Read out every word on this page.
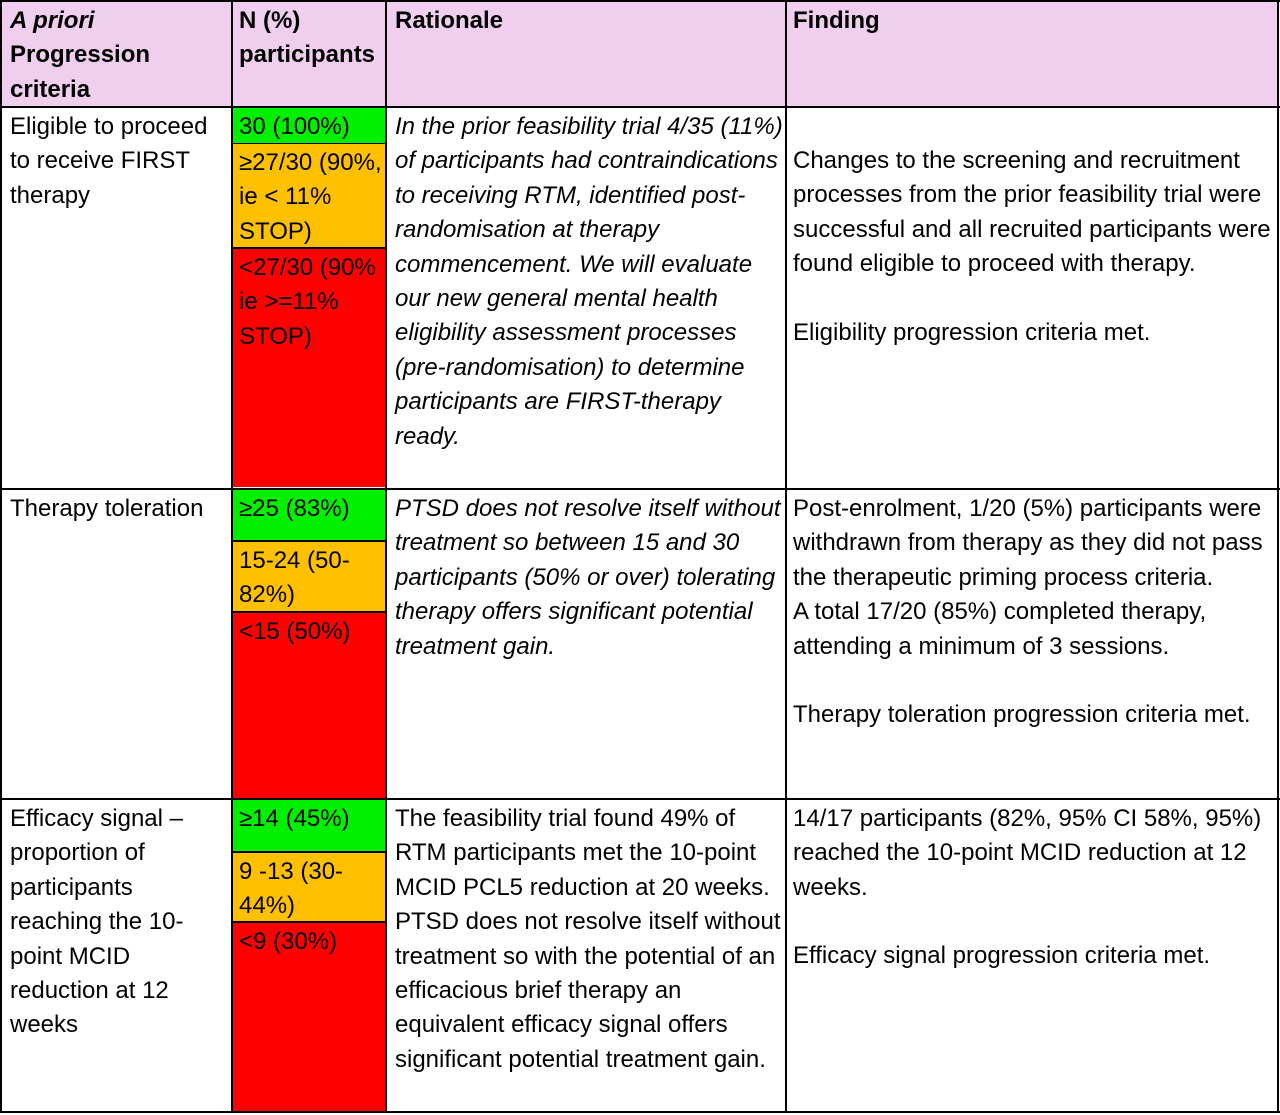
A priori
Progression criteria
N (%) participants
Rationale	Finding
Eligible to proceed to receive FIRST therapy
30 (100%)
≥27/30 (90%, ie < 11% STOP)
<27/30 (90% ie >=11% STOP)
In the prior feasibility trial 4/35 (11%) of participants had contraindications to receiving RTM, identified post-randomisation at therapy commencement. We will evaluate our new general mental health eligibility assessment processes (pre-randomisation) to determine participants are FIRST-therapy ready.
Changes to the screening and recruitment processes from the prior feasibility trial were successful and all recruited participants were found eligible to proceed with therapy.
Eligibility progression criteria met.
Therapy toleration	≥25 (83%)
15-24 (50-82%)
<15 (50%)
PTSD does not resolve itself without treatment so between 15 and 30 participants (50% or over) tolerating therapy offers significant potential treatment gain.
Post-enrolment, 1/20 (5%) participants were withdrawn from therapy as they did not pass the therapeutic priming process criteria.
A total 17/20 (85%) completed therapy, attending a minimum of 3 sessions.
Therapy toleration progression criteria met.
Efficacy signal – proportion of participants reaching the 10-point MCID reduction at 12 weeks
≥14 (45%)
9 -13 (30-44%)
<9 (30%)
The feasibility trial found 49% of RTM participants met the 10-point MCID PCL5 reduction at 20 weeks. PTSD does not resolve itself without treatment so with the potential of an efficacious brief therapy an equivalent efficacy signal offers significant potential treatment gain.
14/17 participants (82%, 95% CI 58%, 95%) reached the 10-point MCID reduction at 12 weeks.
Efficacy signal progression criteria met.
